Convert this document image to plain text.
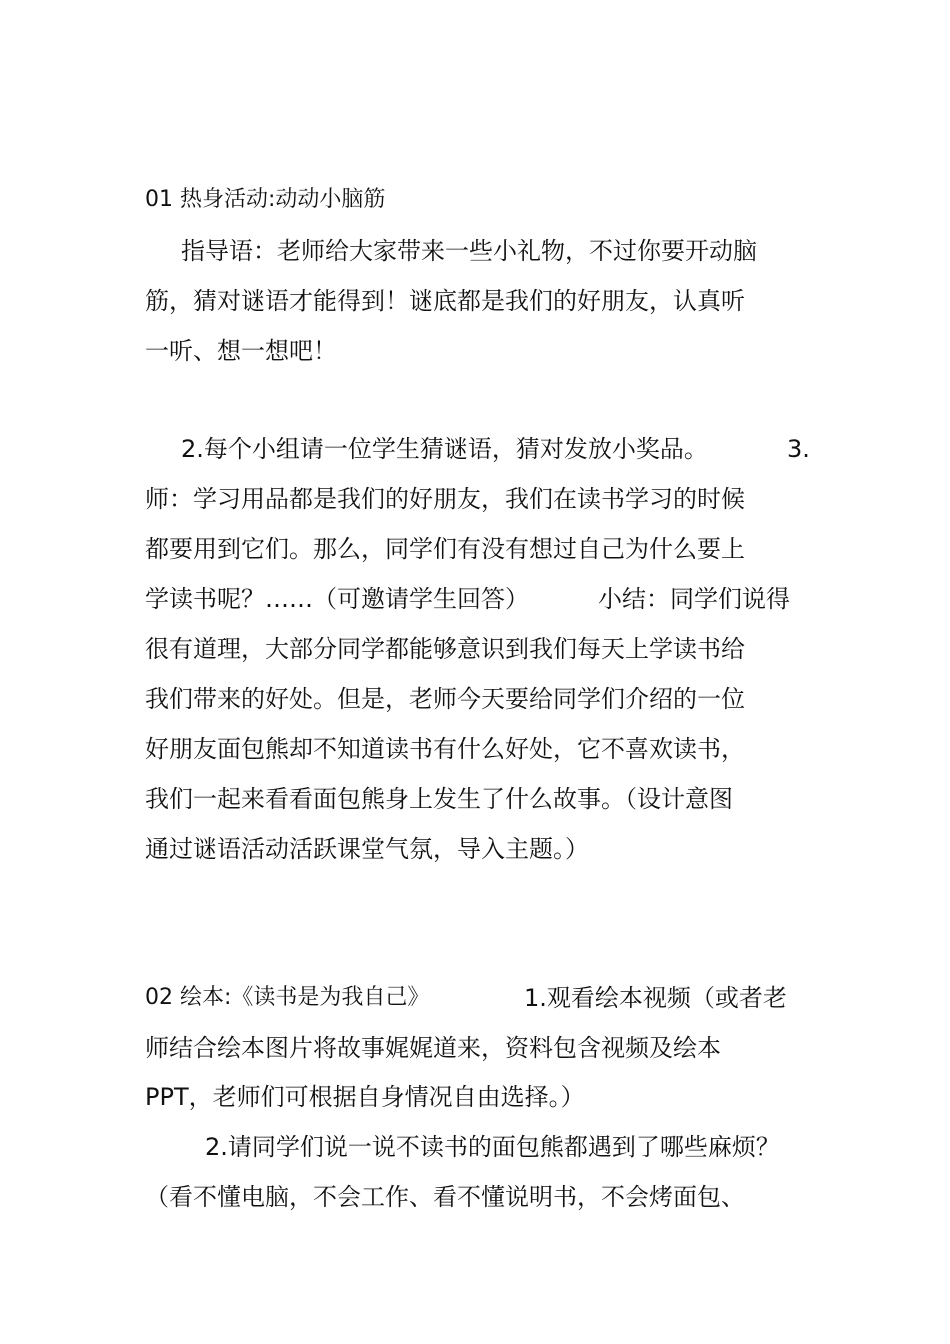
01 热身活动:动动小脑筋
指导语：老师给大家带来一些小礼物，不过你要开动脑
筋，猜对谜语才能得到！谜底都是我们的好朋友，认真听
一听、想一想吧！
2.每个小组请一位学生猜谜语，猜对发放小奖品。	3.
师：学习用品都是我们的好朋友，我们在读书学习的时候
都要用到它们。那么，同学们有没有想过自己为什么要上
学读书呢？……（可邀请学生回答）	小结：同学们说得
很有道理，大部分同学都能够意识到我们每天上学读书给
我们带来的好处。但是，老师今天要给同学们介绍的一位
好朋友面包熊却不知道读书有什么好处，它不喜欢读书，
我们一起来看看面包熊身上发生了什么故事。（设计意图
通过谜语活动活跃课堂气氛，导入主题。）
02 绘本:《读书是为我自己》	1.观看绘本视频（或者老
师结合绘本图片将故事娓娓道来，资料包含视频及绘本
PPT，老师们可根据自身情况自由选择。）
2.请同学们说一说不读书的面包熊都遇到了哪些麻烦？
（看不懂电脑，不会工作、看不懂说明书，不会烤面包、
